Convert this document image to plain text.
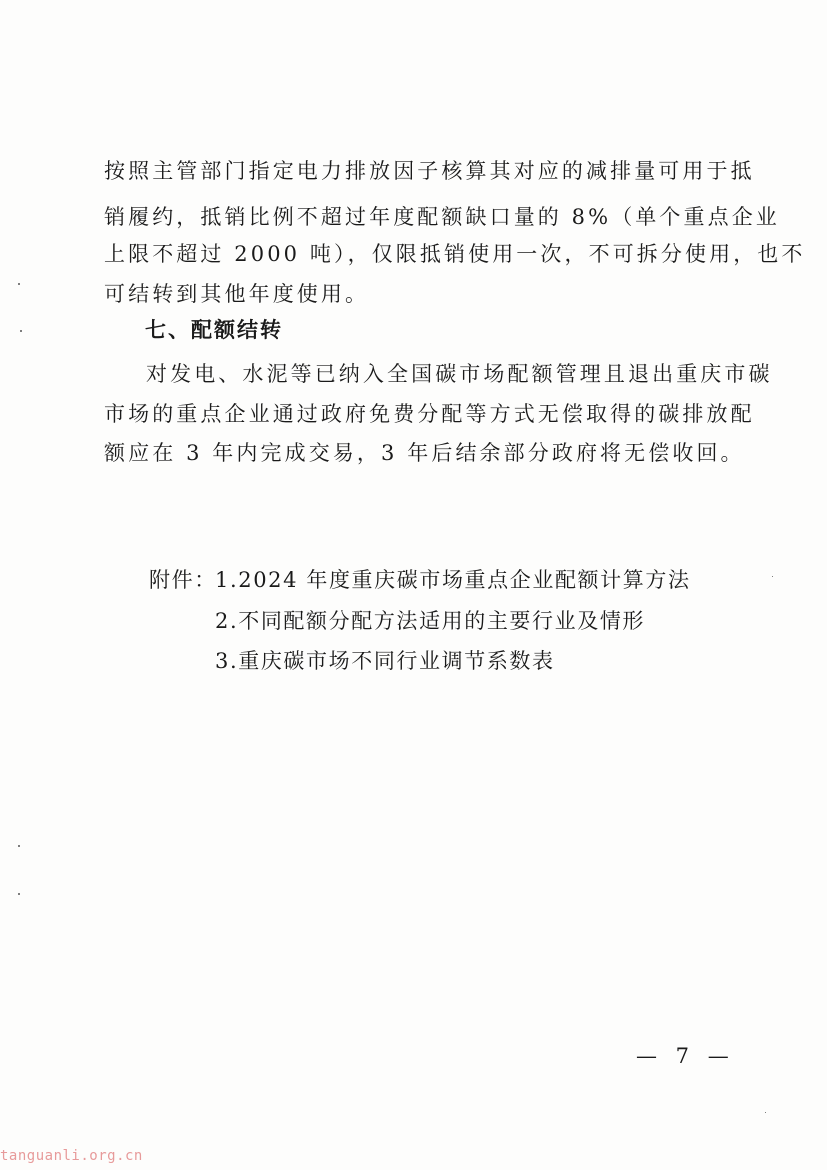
按照主管部门指定电力排放因子核算其对应的减排量可用于抵
销履约，抵销比例不超过年度配额缺口量的 8%（单个重点企业
上限不超过 2000 吨），仅限抵销使用一次，不可拆分使用，也不
可结转到其他年度使用。
七、配额结转
对发电、水泥等已纳入全国碳市场配额管理且退出重庆市碳
市场的重点企业通过政府免费分配等方式无偿取得的碳排放配
额应在 3 年内完成交易，3 年后结余部分政府将无偿收回。
附件：
1.2024 年度重庆碳市场重点企业配额计算方法
2.不同配额分配方法适用的主要行业及情形
3.重庆碳市场不同行业调节系数表
— 7 —
tanguanli.org.cn
